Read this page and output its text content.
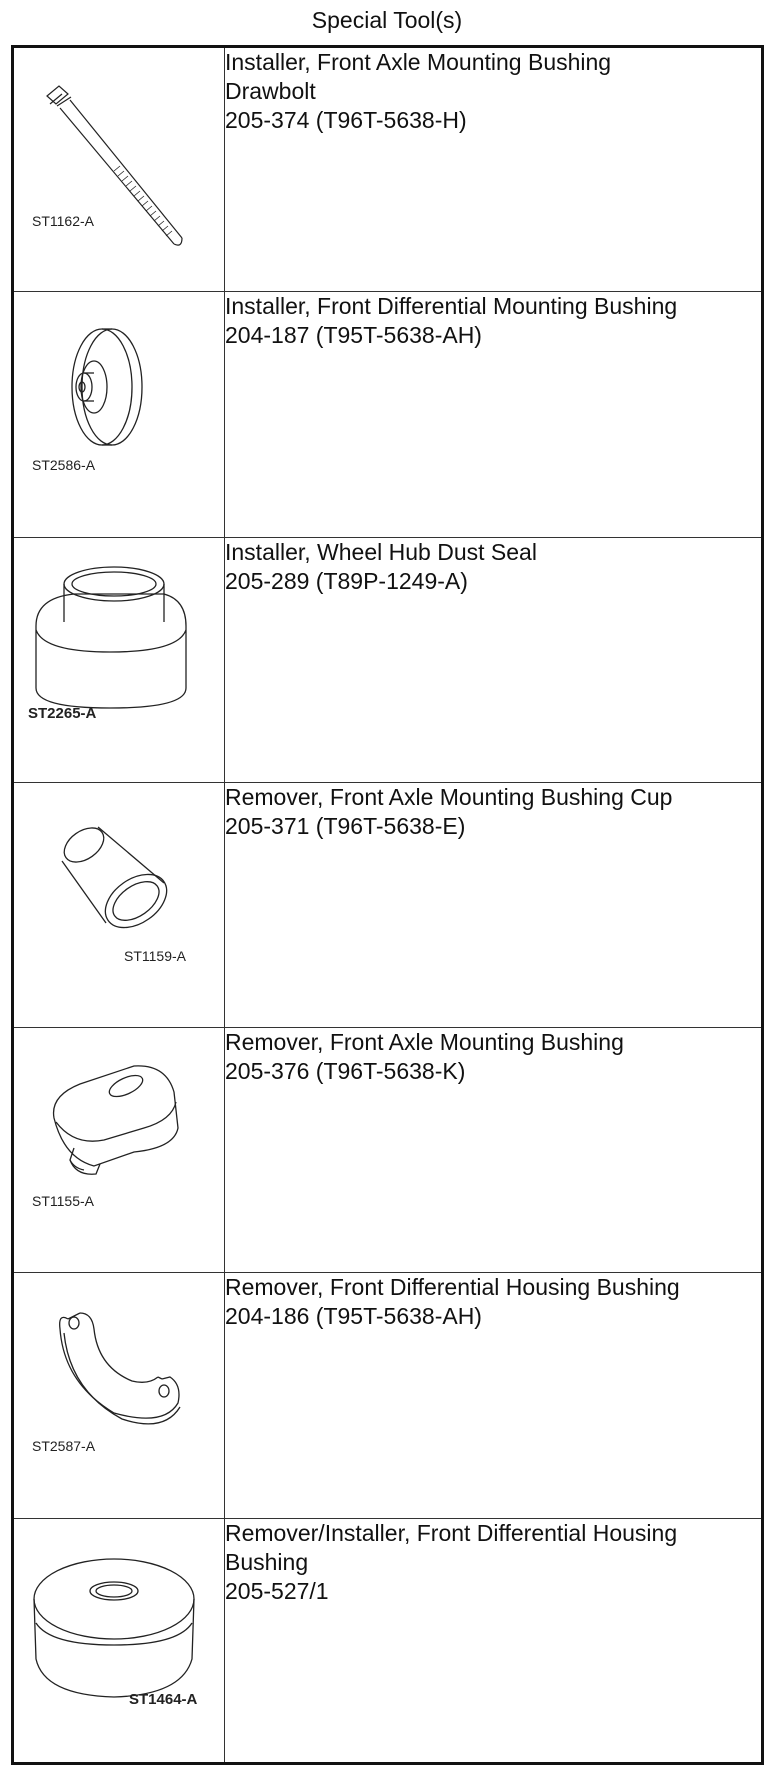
Special Tool(s)
ST1162-A	Installer, Front Axle Mounting Bushing
Drawbolt
205-374 (T96T-5638-H)

ST2586-A	Installer, Front Differential Mounting Bushing
204-187 (T95T-5638-AH)

ST2265-A	Installer, Wheel Hub Dust Seal
205-289 (T89P-1249-A)

ST1159-A	Remover, Front Axle Mounting Bushing Cup
205-371 (T96T-5638-E)

ST1155-A	Remover, Front Axle Mounting Bushing
205-376 (T96T-5638-K)

ST2587-A	Remover, Front Differential Housing Bushing
204-186 (T95T-5638-AH)

ST1464-A	Remover/Installer, Front Differential Housing
Bushing
205-527/1
